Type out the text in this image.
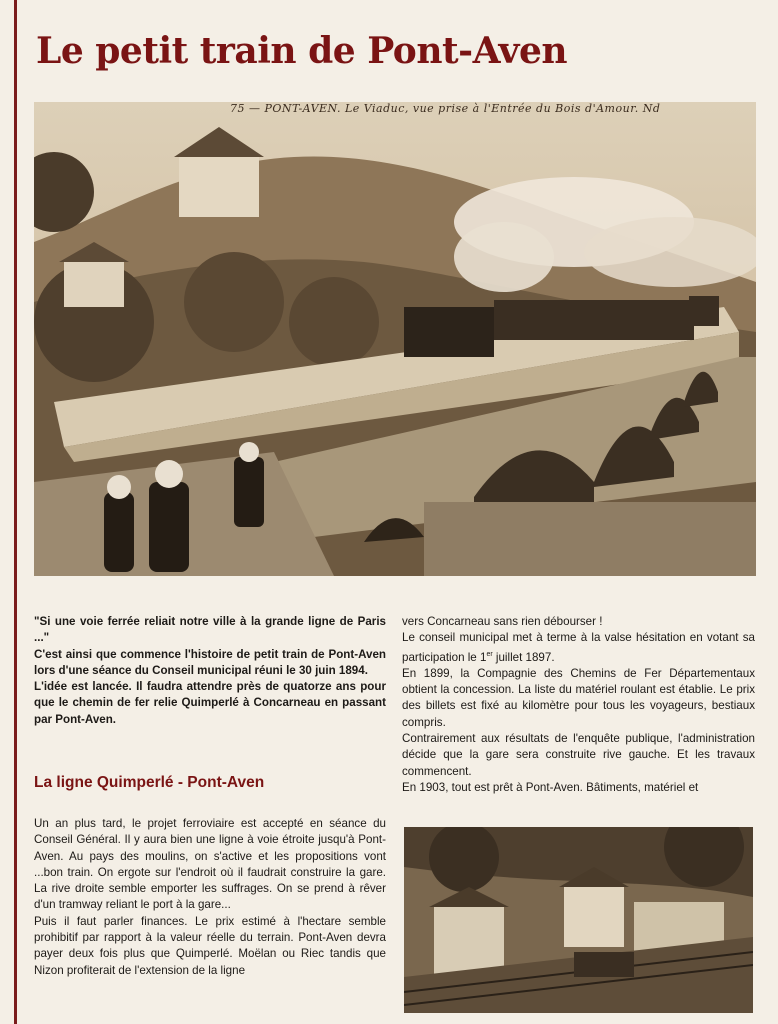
Le petit train de Pont-Aven
75 — PONT-AVEN. Le Viaduc, vue prise à l'Entrée du Bois d'Amour. Nd

"Si une voie ferrée reliait notre ville à la grande ligne de Paris ..."

C'est ainsi que commence l'histoire de petit train de Pont-Aven lors d'une séance du Conseil municipal réuni le 30 juin 1894.

L'idée est lancée. Il faudra attendre près de quatorze ans pour que le chemin de fer relie Quimperlé à Concarneau en passant par Pont-Aven.

La ligne Quimperlé - Pont-Aven

Un an plus tard, le projet ferroviaire est accepté en séance du Conseil Général. Il y aura bien une ligne à voie étroite jusqu'à Pont-Aven. Au pays des moulins, on s'active et les propositions vont ...bon train. On ergote sur l'endroit où il faudrait construire la gare. La rive droite semble emporter les suffrages. On se prend à rêver d'un tramway reliant le port à la gare...

Puis il faut parler finances. Le prix estimé à l'hectare semble prohibitif par rapport à la valeur réelle du terrain. Pont-Aven devra payer deux fois plus que Quimperlé. Moëlan ou Riec tandis que Nizon profiterait de l'extension de la ligne

vers Concarneau sans rien débourser !

Le conseil municipal met à terme à la valse hésitation en votant sa participation le 1er juillet 1897.

En 1899, la Compagnie des Chemins de Fer Départementaux obtient la concession. La liste du matériel roulant est établie. Le prix des billets est fixé au kilomètre pour tous les voyageurs, bestiaux compris.

Contrairement aux résultats de l'enquête publique, l'administration décide que la gare sera construite rive gauche. Et les travaux commencent.

En 1903, tout est prêt à Pont-Aven. Bâtiments, matériel et
